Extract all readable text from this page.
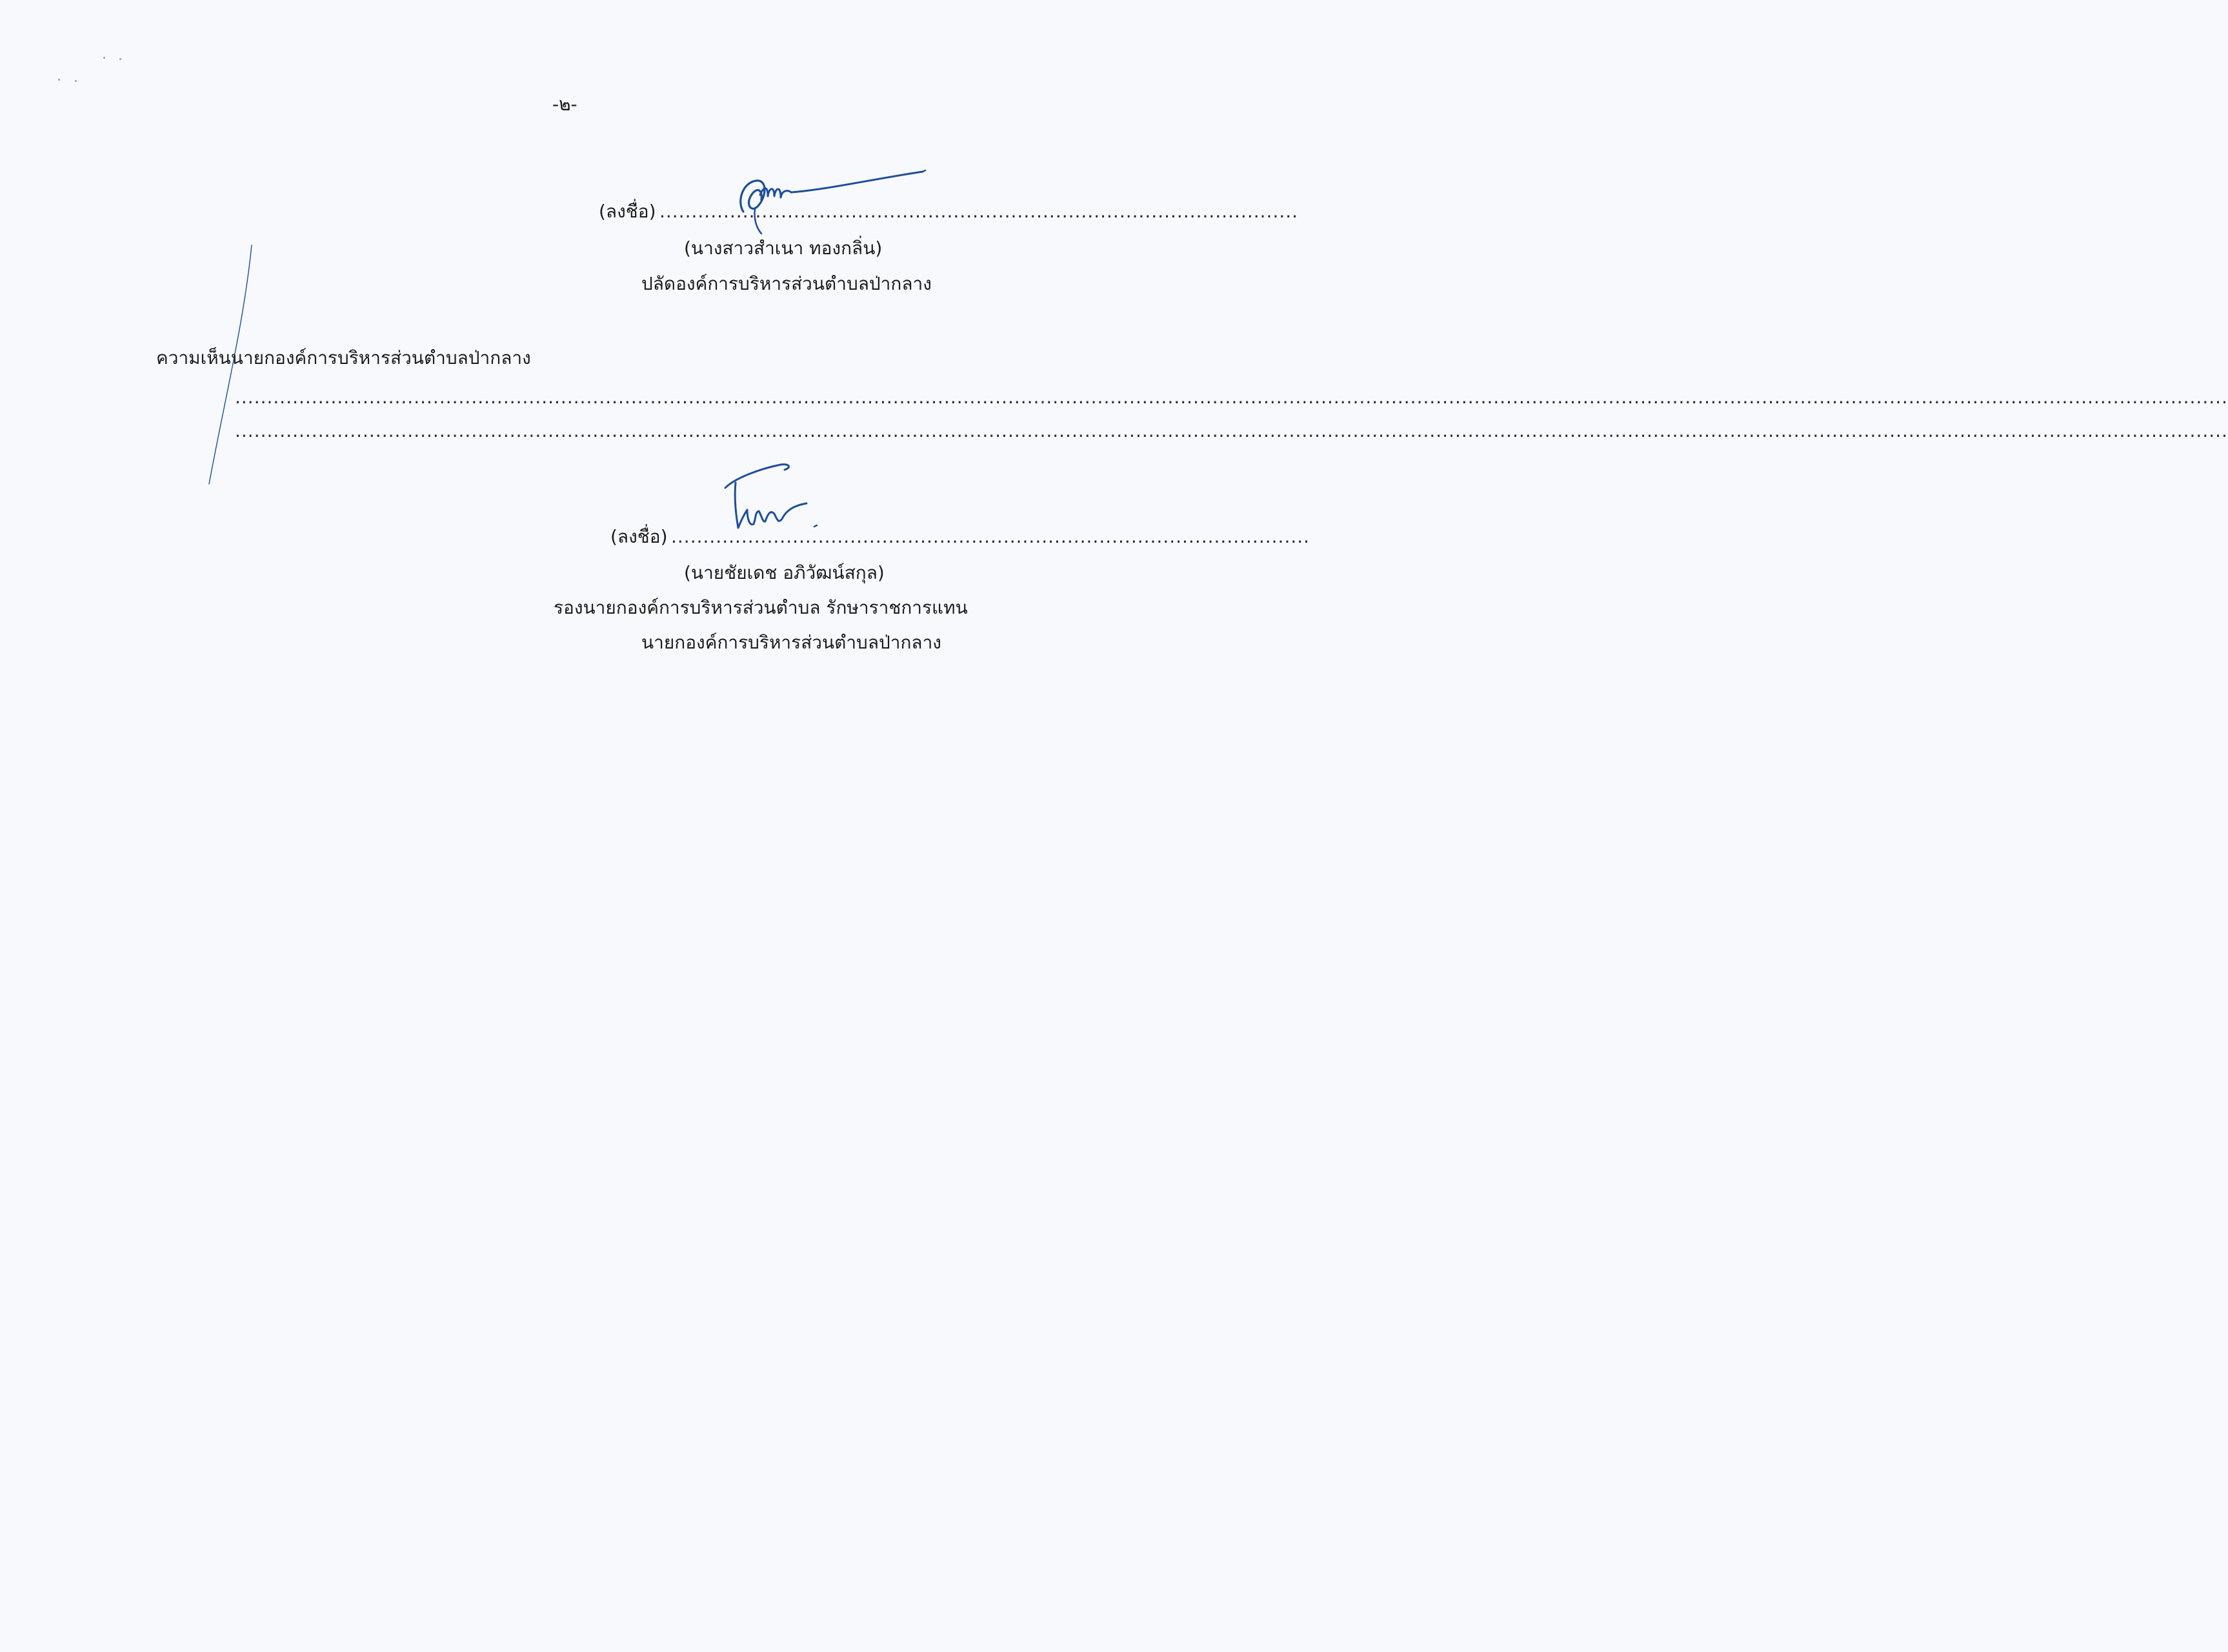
-๒-
(ลงชื่อ) ....................................................................................................
(นางสาวสำเนา ทองกลิ่น)
ปลัดองค์การบริหารส่วนตำบลป่ากลาง
ความเห็นนายกองค์การบริหารส่วนตำบลป่ากลาง
........................................................................................................................................................................................................................................................................................................................
........................................................................................................................................................................................................................................................................................................................
(ลงชื่อ) ....................................................................................................
(นายชัยเดช อภิวัฒน์สกุล)
รองนายกองค์การบริหารส่วนตำบล รักษาราชการแทน
นายกองค์การบริหารส่วนตำบลป่ากลาง
